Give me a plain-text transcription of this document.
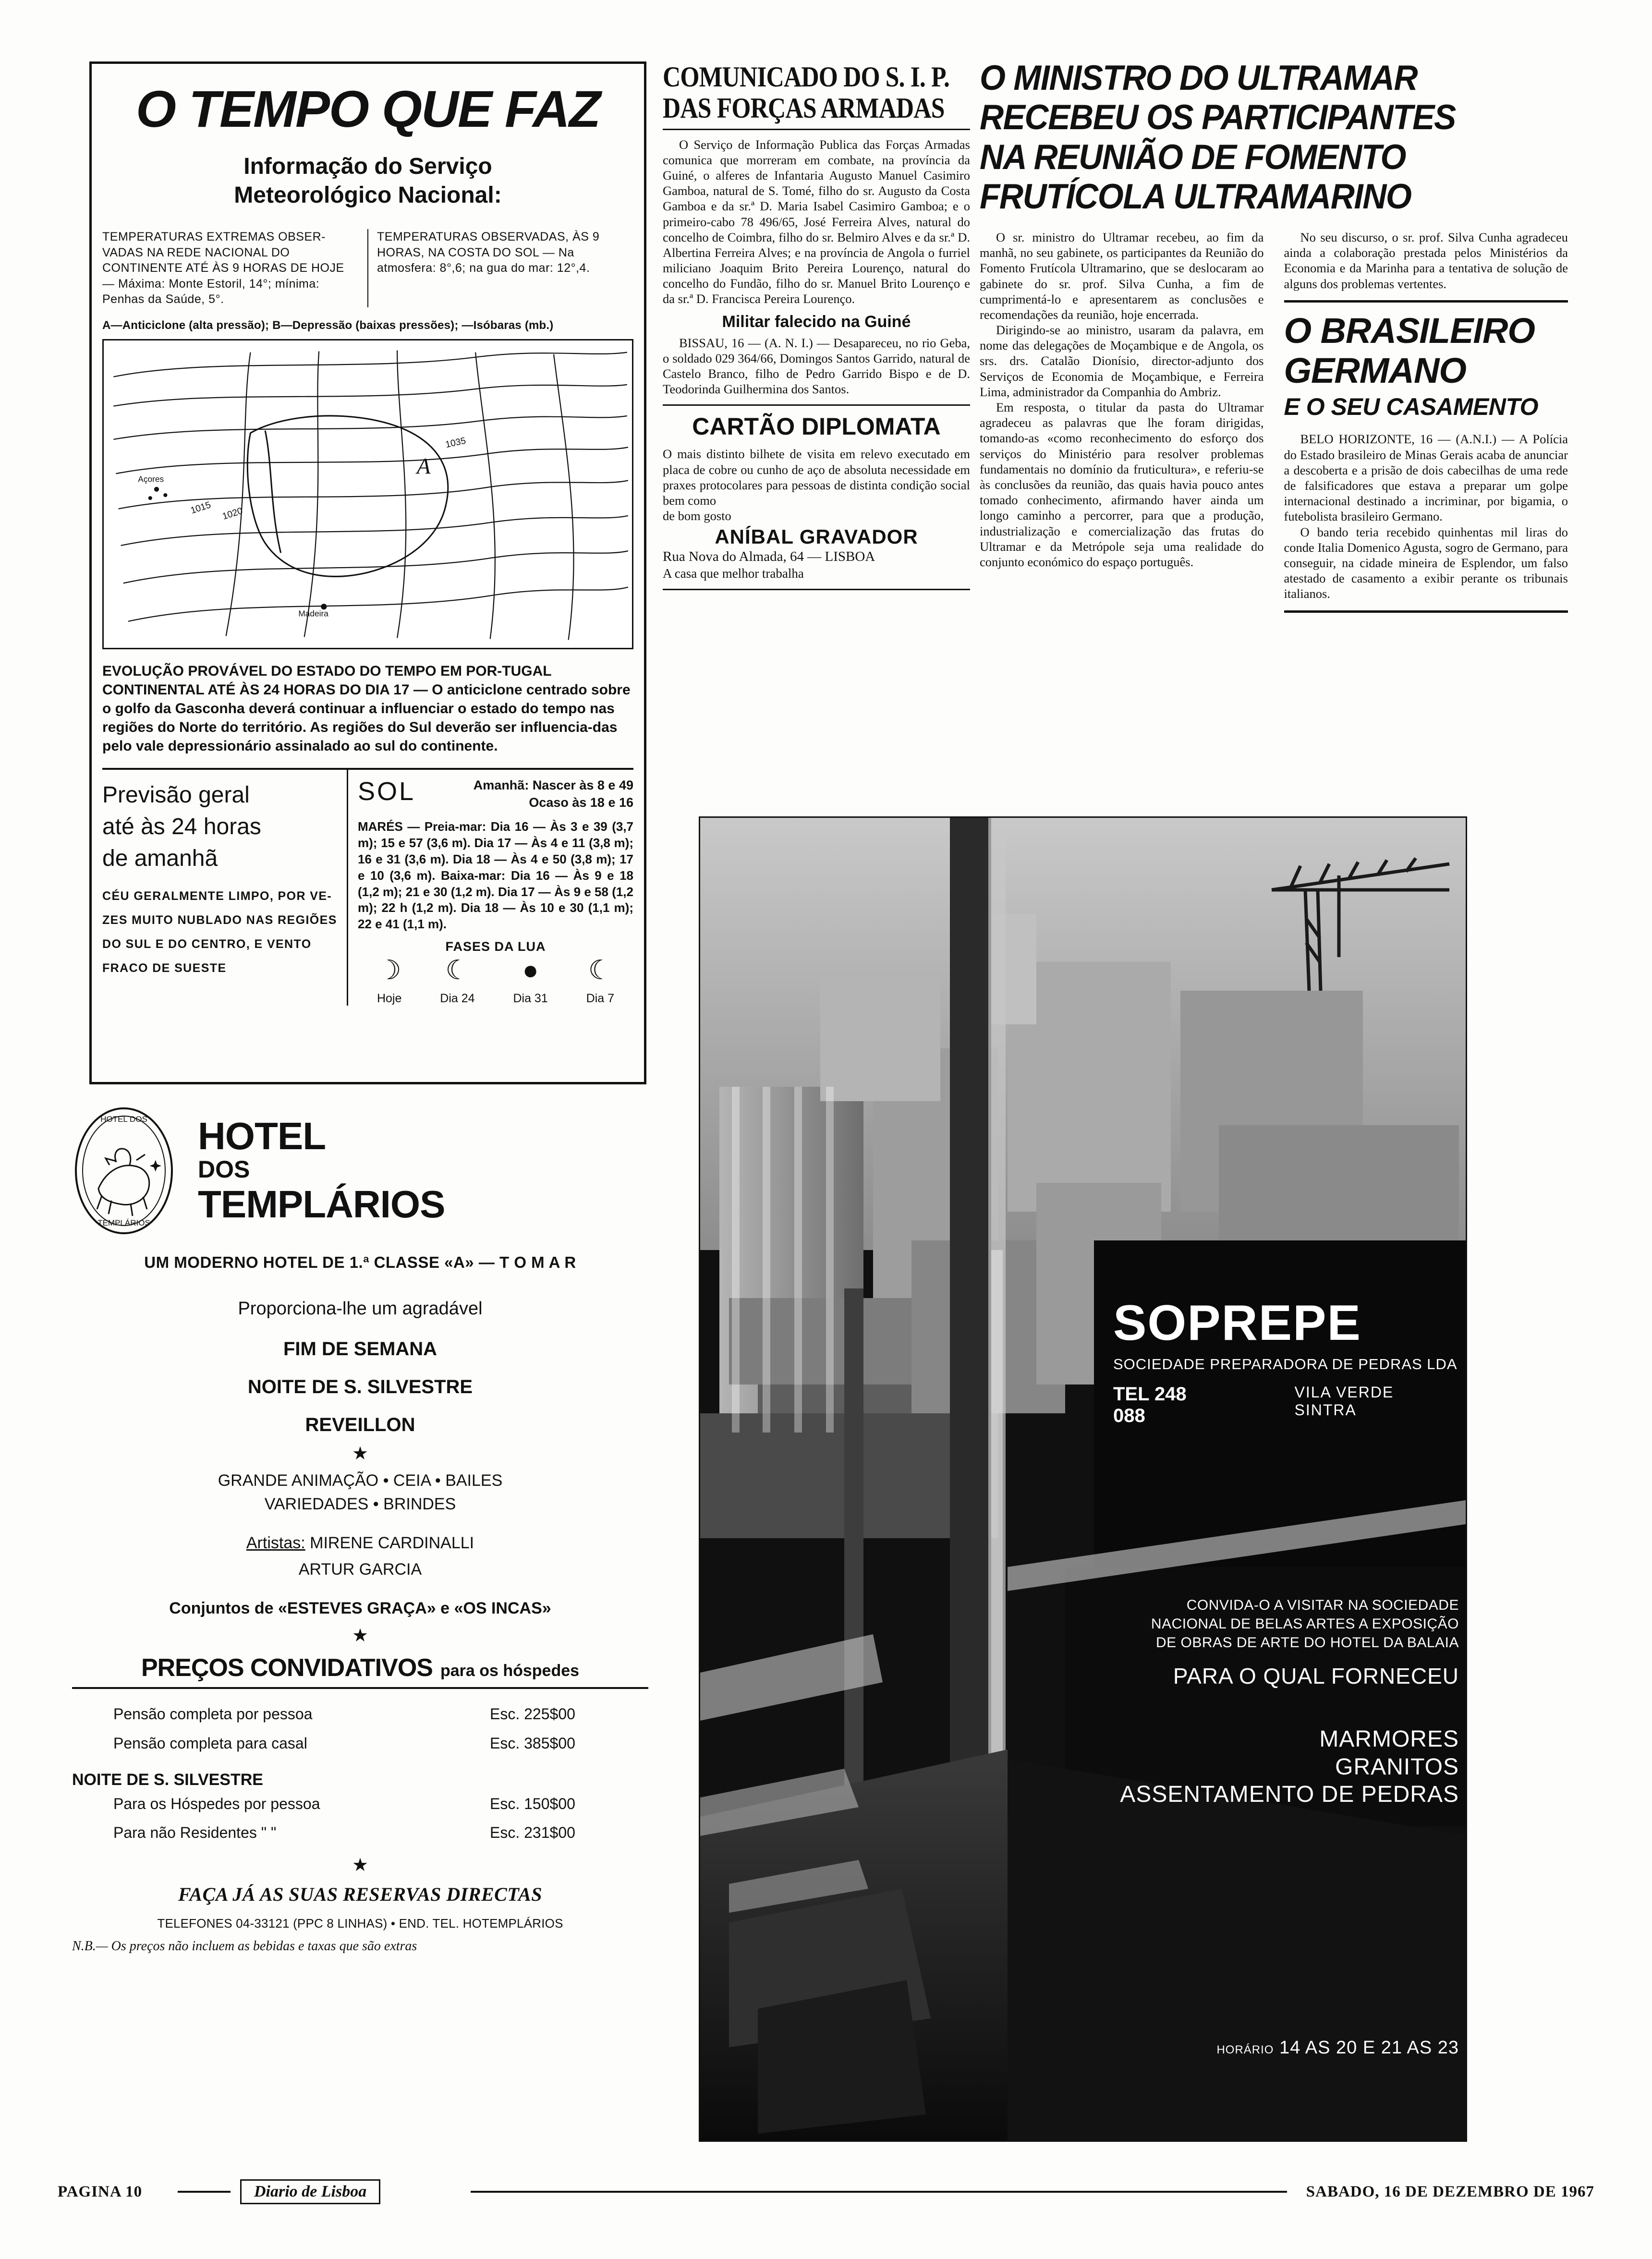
O TEMPO QUE FAZ
Informação do Serviço
Meteorológico Nacional:
TEMPERATURAS EXTREMAS OBSER-VADAS NA REDE NACIONAL DO CONTINENTE ATÉ ÀS 9 HORAS DE HOJE — Máxima: Monte Estoril, 14°; mínima: Penhas da Saúde, 5°.
TEMPERATURAS OBSERVADAS, ÀS 9 HORAS, NA COSTA DO SOL — Na atmosfera: 8°,6; na gua do mar: 12°,4.
A—Anticiclone (alta pressão); B—Depressão (baixas pressões); —Isóbaras (mb.)
A
1035
1015 1020
Açores
Madeira
EVOLUÇÃO PROVÁVEL DO ESTADO DO TEMPO EM POR-TUGAL CONTINENTAL ATÉ ÀS 24 HORAS DO DIA 17 — O anticiclone centrado sobre o golfo da Gasconha deverá continuar a influenciar o estado do tempo nas regiões do Norte do território. As regiões do Sul deverão ser influencia-das pelo vale depressionário assinalado ao sul do continente.
Previsão geral
até às 24 horas
de amanhã
CÉU GERALMENTE LIMPO, POR VE-ZES MUITO NUBLADO NAS REGIÕES DO SUL E DO CENTRO, E VENTO FRACO DE SUESTE
SOL	Amanhã: Nascer às 8 e 49
Ocaso às 18 e 16
MARÉS — Preia-mar: Dia 16 — Às 3 e 39 (3,7 m); 15 e 57 (3,6 m). Dia 17 — Às 4 e 11 (3,8 m); 16 e 31 (3,6 m). Dia 18 — Às 4 e 50 (3,8 m); 17 e 10 (3,6 m). Baixa-mar: Dia 16 — Às 9 e 18 (1,2 m); 21 e 30 (1,2 m). Dia 17 — Às 9 e 58 (1,2 m); 22 h (1,2 m). Dia 18 — Às 10 e 30 (1,1 m); 22 e 41 (1,1 m).
FASES DA LUA
☽
Hoje
☾
Dia 24
●
Dia 31
☾
Dia 7
COMUNICADO DO S. I. P.
DAS FORÇAS ARMADAS

O Serviço de Informação Publica das Forças Armadas comunica que morreram em combate, na província da Guiné, o alferes de Infantaria Augusto Manuel Casimiro Gamboa, natural de S. Tomé, filho do sr. Augusto da Costa Gamboa e da sr.ª D. Maria Isabel Casimiro Gamboa; e o primeiro-cabo 78 496/65, José Ferreira Alves, natural do concelho de Coimbra, filho do sr. Belmiro Alves e da sr.ª D. Albertina Ferreira Alves; e na província de Angola o furriel miliciano Joaquim Brito Pereira Lourenço, natural do concelho do Fundão, filho do sr. Manuel Brito Lourenço e da sr.ª D. Francisca Pereira Lourenço.

Militar falecido na Guiné

BISSAU, 16 — (A. N. I.) — Desapareceu, no rio Geba, o soldado 029 364/66, Domingos Santos Garrido, natural de Castelo Branco, filho de Pedro Garrido Bispo e de D. Teodorinda Guilhermina dos Santos.

CARTÃO DIPLOMATA

O mais distinto bilhete de visita em relevo executado em placa de cobre ou cunho de aço de absoluta necessidade em praxes protocolares para pessoas de distinta condição social bem como

de bom gosto
ANÍBAL GRAVADOR
Rua Nova do Almada, 64 — LISBOA
A casa que melhor trabalha
O MINISTRO DO ULTRAMAR
RECEBEU OS PARTICIPANTES
NA REUNIÃO DE FOMENTO
FRUTÍCOLA ULTRAMARINO

O sr. ministro do Ultramar recebeu, ao fim da manhã, no seu gabinete, os participantes da Reunião do Fomento Frutícola Ultramarino, que se deslocaram ao gabinete do sr. prof. Silva Cunha, a fim de cumprimentá-lo e apresentarem as conclusões e recomendações da reunião, hoje encerrada.

Dirigindo-se ao ministro, usaram da palavra, em nome das delegações de Moçambique e de Angola, os srs. drs. Catalão Dionísio, director-adjunto dos Serviços de Economia de Moçambique, e Ferreira Lima, administrador da Companhia do Ambriz.

Em resposta, o titular da pasta do Ultramar agradeceu as palavras que lhe foram dirigidas, tomando-as «como reconhecimento do esforço dos serviços do Ministério para resolver problemas fundamentais no domínio da fruticultura», e referiu-se às conclusões da reunião, das quais havia pouco antes tomado conhecimento, afirmando haver ainda um longo caminho a percorrer, para que a produção, industrialização e comercialização das frutas do Ultramar e da Metrópole seja uma realidade do conjunto económico do espaço português.

No seu discurso, o sr. prof. Silva Cunha agradeceu ainda a colaboração prestada pelos Ministérios da Economia e da Marinha para a tentativa de solução de alguns dos problemas vertentes.

O BRASILEIRO
GERMANO
E O SEU CASAMENTO

BELO HORIZONTE, 16 — (A.N.I.) — A Polícia do Estado brasileiro de Minas Gerais acaba de anunciar a descoberta e a prisão de dois cabecilhas de uma rede de falsificadores que estava a preparar um golpe internacional destinado a incriminar, por bigamia, o futebolista brasileiro Germano.

O bando teria recebido quinhentas mil liras do conde Italia Domenico Agusta, sogro de Germano, para conseguir, na cidade mineira de Esplendor, um falso atestado de casamento a exibir perante os tribunais italianos.

HOTEL DOS
TEMPLÁRIOS
HOTEL
DOS
TEMPLÁRIOS
UM MODERNO HOTEL DE 1.ª CLASSE «A» — T O M A R
Proporciona-lhe um agradável
FIM DE SEMANA
NOITE DE S. SILVESTRE
REVEILLON
★
GRANDE ANIMAÇÃO • CEIA • BAILES
VARIEDADES • BRINDES
Artistas: MIRENE CARDINALLI
ARTUR GARCIA
Conjuntos de «ESTEVES GRAÇA» e «OS INCAS»
★
PREÇOS CONVIDATIVOS para os hóspedes
Pensão completa por pessoa	Esc. 225$00
Pensão completa para casal	Esc. 385$00
NOITE DE S. SILVESTRE
Para os Hóspedes por pessoa	Esc. 150$00
Para não Residentes " "	Esc. 231$00
★
FAÇA JÁ AS SUAS RESERVAS DIRECTAS
TELEFONES 04-33121 (PPC 8 LINHAS) • END. TEL. HOTEMPLÁRIOS
N.B.— Os preços não incluem as bebidas e taxas que são extras
SOPREPE
SOCIEDADE PREPARADORA DE PEDRAS LDA
TEL 248 088
VILA VERDE SINTRA
CONVIDA-O A VISITAR NA SOCIEDADE
NACIONAL DE BELAS ARTES A EXPOSIÇÃO
DE OBRAS DE ARTE DO HOTEL DA BALAIA
PARA O QUAL FORNECEU
MARMORES
GRANITOS
ASSENTAMENTO DE PEDRAS
HORÁRIO 14 AS 20 E 21 AS 23
PAGINA 10	Diario de Lisboa	SABADO, 16 DE DEZEMBRO DE 1967
